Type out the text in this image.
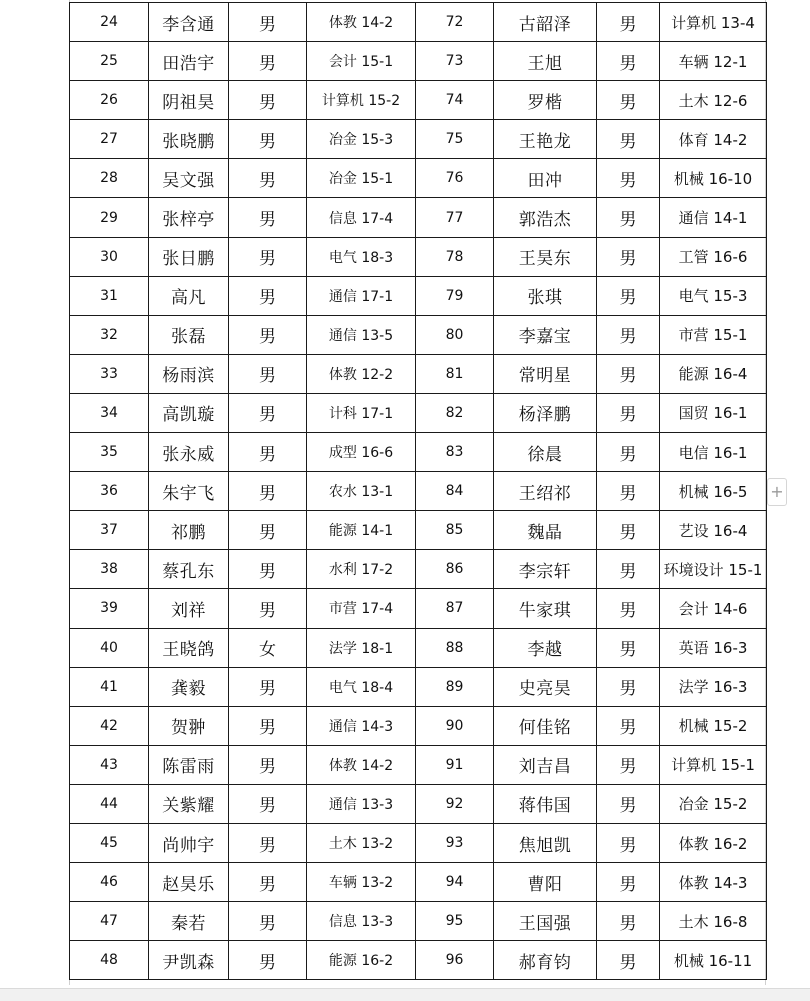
24	李含通	男	体教 14-2	72	古韶泽	男	计算机 13-4
25	田浩宇	男	会计 15-1	73	王旭	男	车辆 12-1
26	阴祖昊	男	计算机 15-2	74	罗楷	男	土木 12-6
27	张晓鹏	男	冶金 15-3	75	王艳龙	男	体育 14-2
28	吴文强	男	冶金 15-1	76	田冲	男	机械 16-10
29	张梓亭	男	信息 17-4	77	郭浩杰	男	通信 14-1
30	张日鹏	男	电气 18-3	78	王昊东	男	工管 16-6
31	高凡	男	通信 17-1	79	张琪	男	电气 15-3
32	张磊	男	通信 13-5	80	李嘉宝	男	市营 15-1
33	杨雨滨	男	体教 12-2	81	常明星	男	能源 16-4
34	高凯璇	男	计科 17-1	82	杨泽鹏	男	国贸 16-1
35	张永威	男	成型 16-6	83	徐晨	男	电信 16-1
36	朱宇飞	男	农水 13-1	84	王绍祁	男	机械 16-5
37	祁鹏	男	能源 14-1	85	魏晶	男	艺设 16-4
38	蔡孔东	男	水利 17-2	86	李宗轩	男	环境设计 15-1
39	刘祥	男	市营 17-4	87	牛家琪	男	会计 14-6
40	王晓鸽	女	法学 18-1	88	李越	男	英语 16-3
41	龚毅	男	电气 18-4	89	史亮昊	男	法学 16-3
42	贺翀	男	通信 14-3	90	何佳铭	男	机械 15-2
43	陈雷雨	男	体教 14-2	91	刘吉昌	男	计算机 15-1
44	关紫耀	男	通信 13-3	92	蒋伟国	男	冶金 15-2
45	尚帅宇	男	土木 13-2	93	焦旭凯	男	体教 16-2
46	赵昊乐	男	车辆 13-2	94	曹阳	男	体教 14-3
47	秦若	男	信息 13-3	95	王国强	男	土木 16-8
48	尹凯森	男	能源 16-2	96	郝育钧	男	机械 16-11
+
